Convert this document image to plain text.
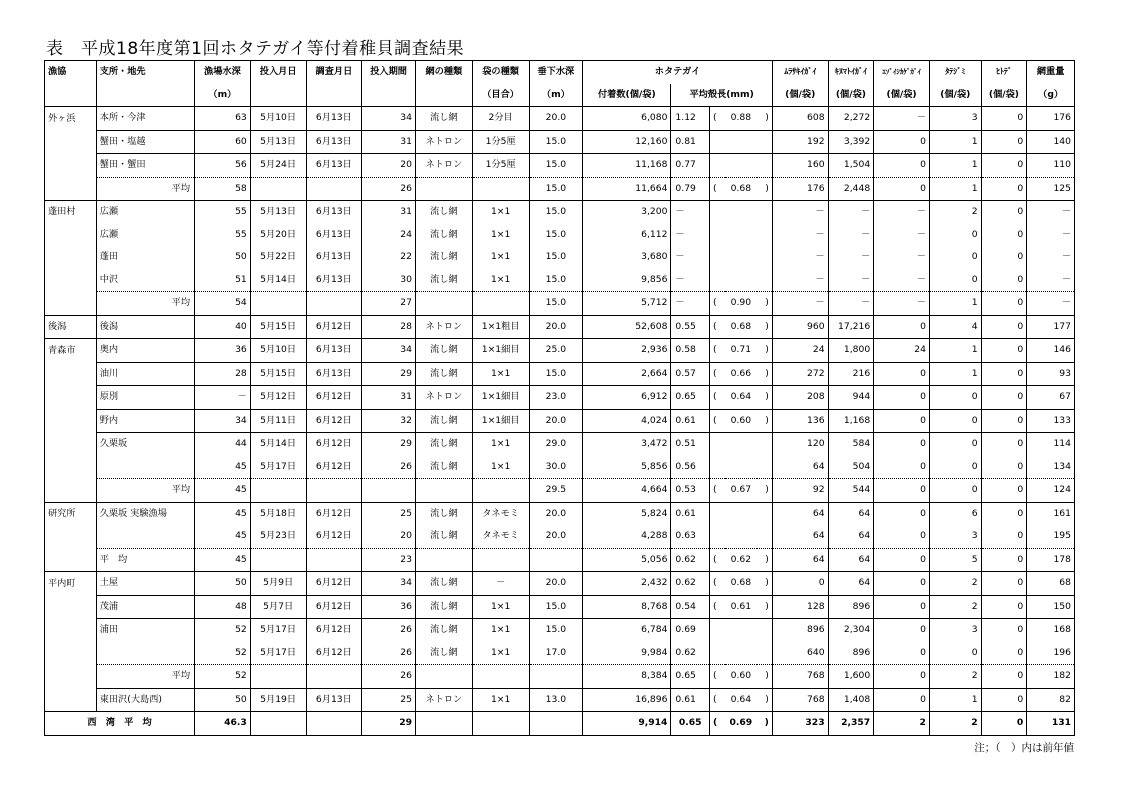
表　平成18年度第1回ホタテガイ等付着稚貝調査結果
漁協	支所・地先	漁場水深	投入月日	調査月日	投入期間	網の種類	袋の種類	垂下水深	ホタテガイ					ﾑﾗｻｷｲｶﾞｲ	ｷﾇﾏﾄｲｶﾞｲ	ｴｿﾞｲｼｶｹﾞｶﾞｲ	ﾀﾃｼﾞﾐ	ﾋﾄﾃﾞ	網重量
		（m）					（目合）	（m）	付着数(個/袋)	平均殻長(mm)				(個/袋)	(個/袋)	(個/袋)	(個/袋)	(個/袋)	（g）
外ヶ浜	本所・今津	63	5月10日	6月13日	34	流し網	2分目	20.0	6,080	1.12	(	0.88	)	608	2,272	－	3	0	176
	蟹田・塩越	60	5月13日	6月13日	31	ネトロン	1分5厘	15.0	12,160	0.81				192	3,392	0	1	0	140
	蟹田・蟹田	56	5月24日	6月13日	20	ネトロン	1分5厘	15.0	11,168	0.77				160	1,504	0	1	0	110
	平均	58			26			15.0	11,664	0.79	(	0.68	)	176	2,448	0	1	0	125
蓬田村	広瀬	55	5月13日	6月13日	31	流し網	1×1	15.0	3,200	－				－	－	－	2	0	－
	広瀬	55	5月20日	6月13日	24	流し網	1×1	15.0	6,112	－				－	－	－	0	0	－
	蓬田	50	5月22日	6月13日	22	流し網	1×1	15.0	3,680	－				－	－	－	0	0	－
	中沢	51	5月14日	6月13日	30	流し網	1×1	15.0	9,856	－				－	－	－	0	0	－
	平均	54			27			15.0	5,712	－	(	0.90	)	－	－	－	1	0	－
後潟	後潟	40	5月15日	6月12日	28	ネトロン	1×1粗目	20.0	52,608	0.55	(	0.68	)	960	17,216	0	4	0	177
青森市	奥内	36	5月10日	6月13日	34	流し網	1×1細目	25.0	2,936	0.58	(	0.71	)	24	1,800	24	1	0	146
	油川	28	5月15日	6月13日	29	流し網	1×1	15.0	2,664	0.57	(	0.66	)	272	216	0	1	0	93
	原別	－	5月12日	6月12日	31	ネトロン	1×1細目	23.0	6,912	0.65	(	0.64	)	208	944	0	0	0	67
	野内	34	5月11日	6月12日	32	流し網	1×1細目	20.0	4,024	0.61	(	0.60	)	136	1,168	0	0	0	133
	久栗坂	44	5月14日	6月12日	29	流し網	1×1	29.0	3,472	0.51				120	584	0	0	0	114
		45	5月17日	6月12日	26	流し網	1×1	30.0	5,856	0.56				64	504	0	0	0	134
	平均	45						29.5	4,664	0.53	(	0.67	)	92	544	0	0	0	124
研究所	久栗坂 実験漁場	45	5月18日	6月12日	25	流し網	タネモミ	20.0	5,824	0.61				64	64	0	6	0	161
		45	5月23日	6月12日	20	流し網	タネモミ	20.0	4,288	0.63				64	64	0	3	0	195
	平　均	45			23				5,056	0.62	(	0.62	)	64	64	0	5	0	178
平内町	土屋	50	5月9日	6月12日	34	流し網	－	20.0	2,432	0.62	(	0.68	)	0	64	0	2	0	68
	茂浦	48	5月7日	6月12日	36	流し網	1×1	15.0	8,768	0.54	(	0.61	)	128	896	0	2	0	150
	浦田	52	5月17日	6月12日	26	流し網	1×1	15.0	6,784	0.69				896	2,304	0	3	0	168
		52	5月17日	6月12日	26	流し網	1×1	17.0	9,984	0.62				640	896	0	0	0	196
	平均	52			26				8,384	0.65	(	0.60	)	768	1,600	0	2	0	182
	東田沢(大島西)	50	5月19日	6月13日	25	ネトロン	1×1	13.0	16,896	0.61	(	0.64	)	768	1,408	0	1	0	82
西　湾　平　均		46.3			29				9,914	0.65	(	0.69	)	323	2,357	2	2	0	131
注；（　）内は前年値
